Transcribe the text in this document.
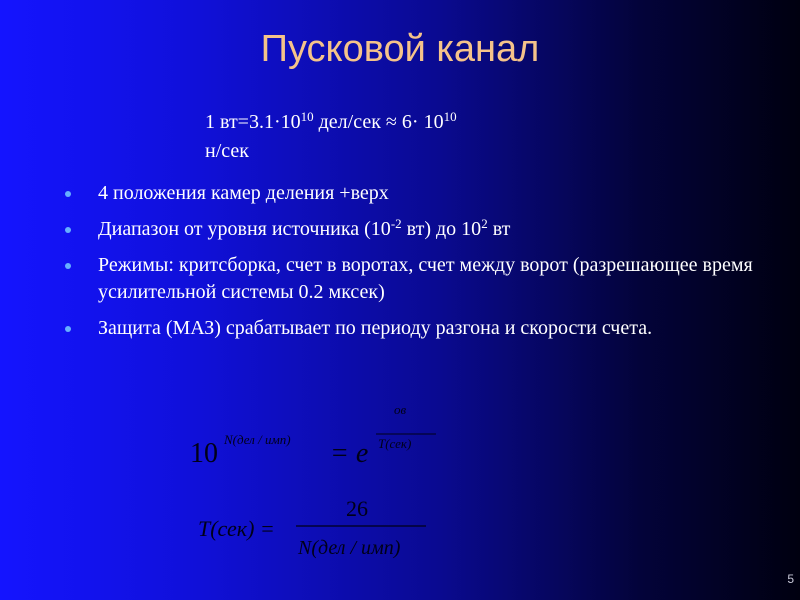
Пусковой канал
1 $вт=3.1\cdot 10^{10}$ $дел/сек \approx 6\cdot 10^{10}$
н/сек
4 положения камер деления +верх
Диапазон от уровня источника ($10^{-2}$ вт) до $10^2$ вт
Режимы: критсборка, счет в воротах, счет между ворот (разрешающее время усилительной системы 0.2 мксек)
Защита (МАЗ) срабатывает по периоду разгона и скорости счета.
10 N(дел / имп) = e
ов
T(сек)
T(сек) =
26
N(дел / имп)
5
